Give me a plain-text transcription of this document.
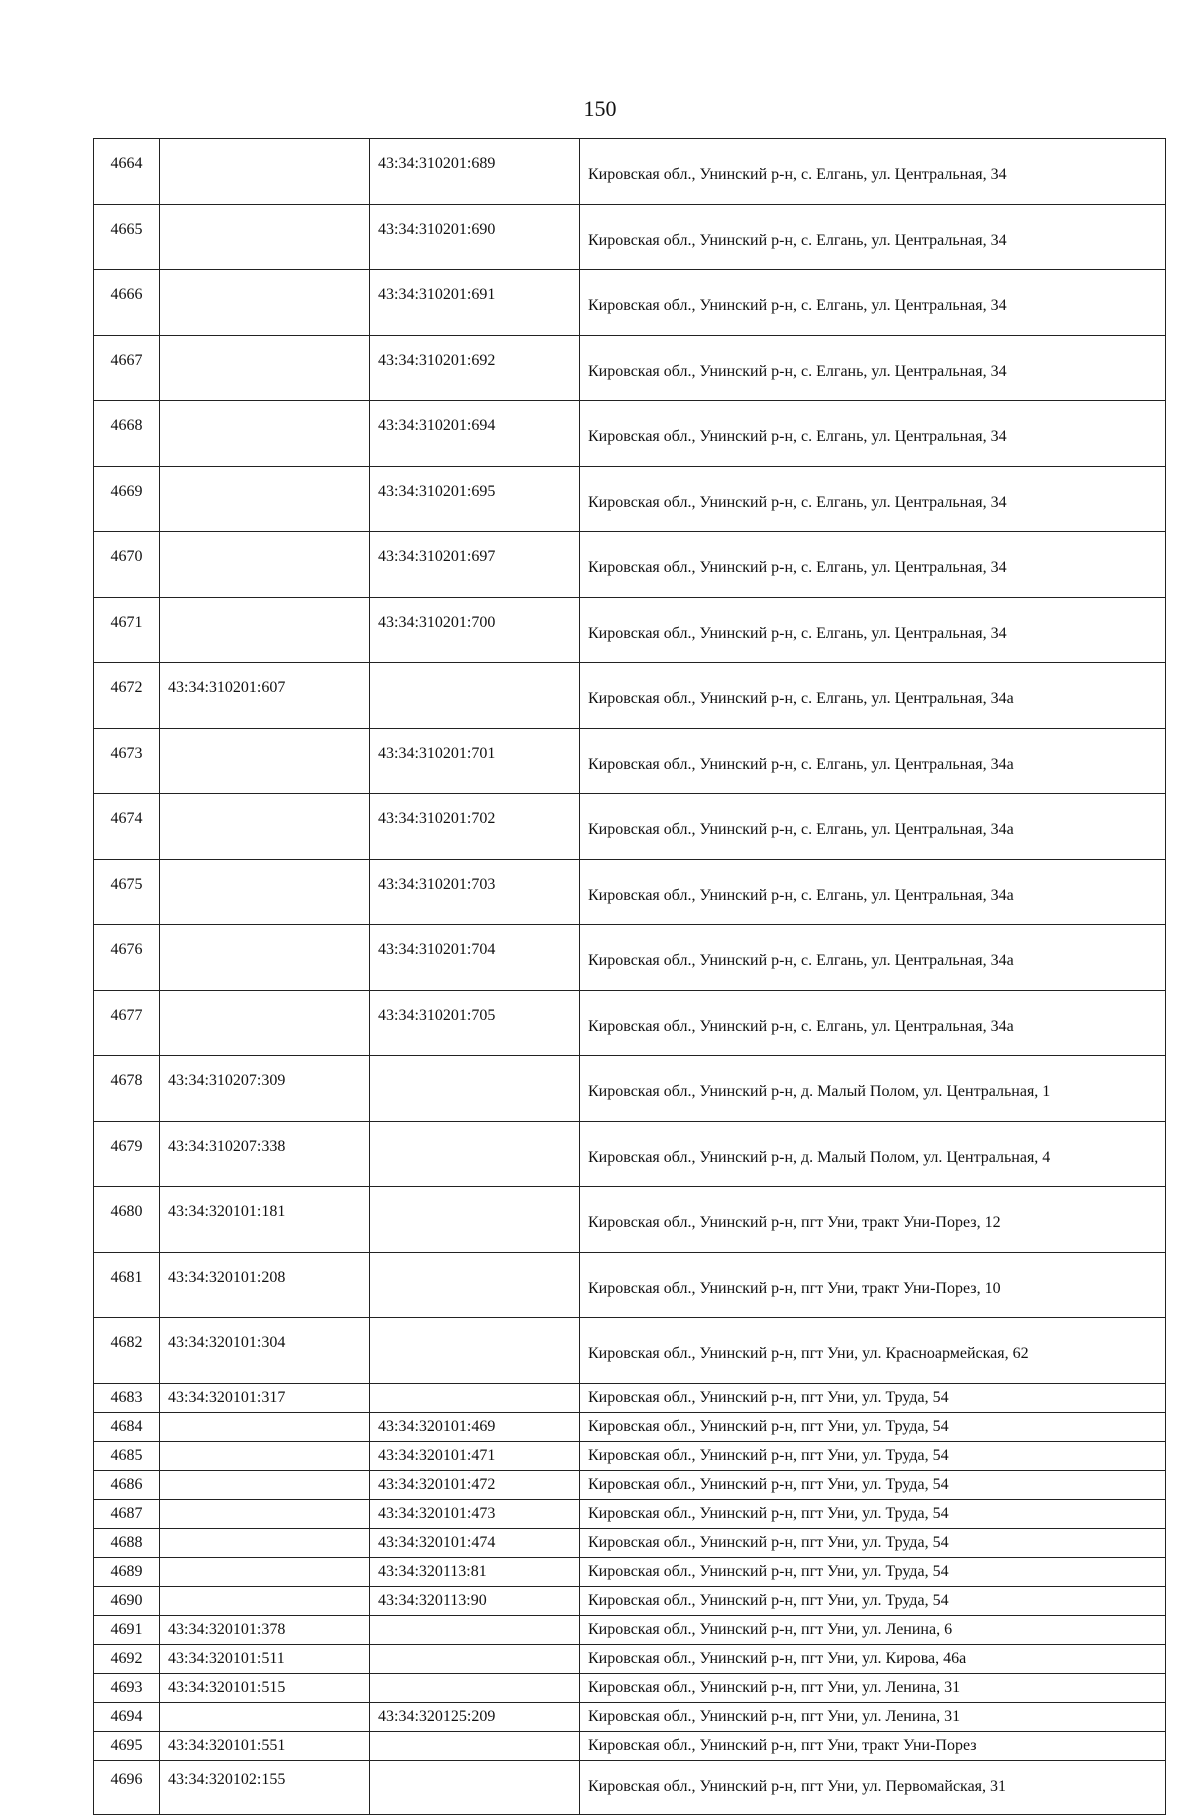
150
4664		43:34:310201:689	Кировская обл., Унинский р-н, с. Елгань, ул. Центральная, 34
4665		43:34:310201:690	Кировская обл., Унинский р-н, с. Елгань, ул. Центральная, 34
4666		43:34:310201:691	Кировская обл., Унинский р-н, с. Елгань, ул. Центральная, 34
4667		43:34:310201:692	Кировская обл., Унинский р-н, с. Елгань, ул. Центральная, 34
4668		43:34:310201:694	Кировская обл., Унинский р-н, с. Елгань, ул. Центральная, 34
4669		43:34:310201:695	Кировская обл., Унинский р-н, с. Елгань, ул. Центральная, 34
4670		43:34:310201:697	Кировская обл., Унинский р-н, с. Елгань, ул. Центральная, 34
4671		43:34:310201:700	Кировская обл., Унинский р-н, с. Елгань, ул. Центральная, 34
4672	43:34:310201:607		Кировская обл., Унинский р-н, с. Елгань, ул. Центральная, 34а
4673		43:34:310201:701	Кировская обл., Унинский р-н, с. Елгань, ул. Центральная, 34а
4674		43:34:310201:702	Кировская обл., Унинский р-н, с. Елгань, ул. Центральная, 34а
4675		43:34:310201:703	Кировская обл., Унинский р-н, с. Елгань, ул. Центральная, 34а
4676		43:34:310201:704	Кировская обл., Унинский р-н, с. Елгань, ул. Центральная, 34а
4677		43:34:310201:705	Кировская обл., Унинский р-н, с. Елгань, ул. Центральная, 34а
4678	43:34:310207:309		Кировская обл., Унинский р-н, д. Малый Полом, ул. Центральная, 1
4679	43:34:310207:338		Кировская обл., Унинский р-н, д. Малый Полом, ул. Центральная, 4
4680	43:34:320101:181		Кировская обл., Унинский р-н, пгт Уни, тракт Уни-Порез, 12
4681	43:34:320101:208		Кировская обл., Унинский р-н, пгт Уни, тракт Уни-Порез, 10
4682	43:34:320101:304		Кировская обл., Унинский р-н, пгт Уни, ул. Красноармейская, 62
4683	43:34:320101:317		Кировская обл., Унинский р-н, пгт Уни, ул. Труда, 54
4684		43:34:320101:469	Кировская обл., Унинский р-н, пгт Уни, ул. Труда, 54
4685		43:34:320101:471	Кировская обл., Унинский р-н, пгт Уни, ул. Труда, 54
4686		43:34:320101:472	Кировская обл., Унинский р-н, пгт Уни, ул. Труда, 54
4687		43:34:320101:473	Кировская обл., Унинский р-н, пгт Уни, ул. Труда, 54
4688		43:34:320101:474	Кировская обл., Унинский р-н, пгт Уни, ул. Труда, 54
4689		43:34:320113:81	Кировская обл., Унинский р-н, пгт Уни, ул. Труда, 54
4690		43:34:320113:90	Кировская обл., Унинский р-н, пгт Уни, ул. Труда, 54
4691	43:34:320101:378		Кировская обл., Унинский р-н, пгт Уни, ул. Ленина, 6
4692	43:34:320101:511		Кировская обл., Унинский р-н, пгт Уни, ул. Кирова, 46а
4693	43:34:320101:515		Кировская обл., Унинский р-н, пгт Уни, ул. Ленина, 31
4694		43:34:320125:209	Кировская обл., Унинский р-н, пгт Уни, ул. Ленина, 31
4695	43:34:320101:551		Кировская обл., Унинский р-н, пгт Уни, тракт Уни-Порез
4696	43:34:320102:155		Кировская обл., Унинский р-н, пгт Уни, ул. Первомайская, 31
